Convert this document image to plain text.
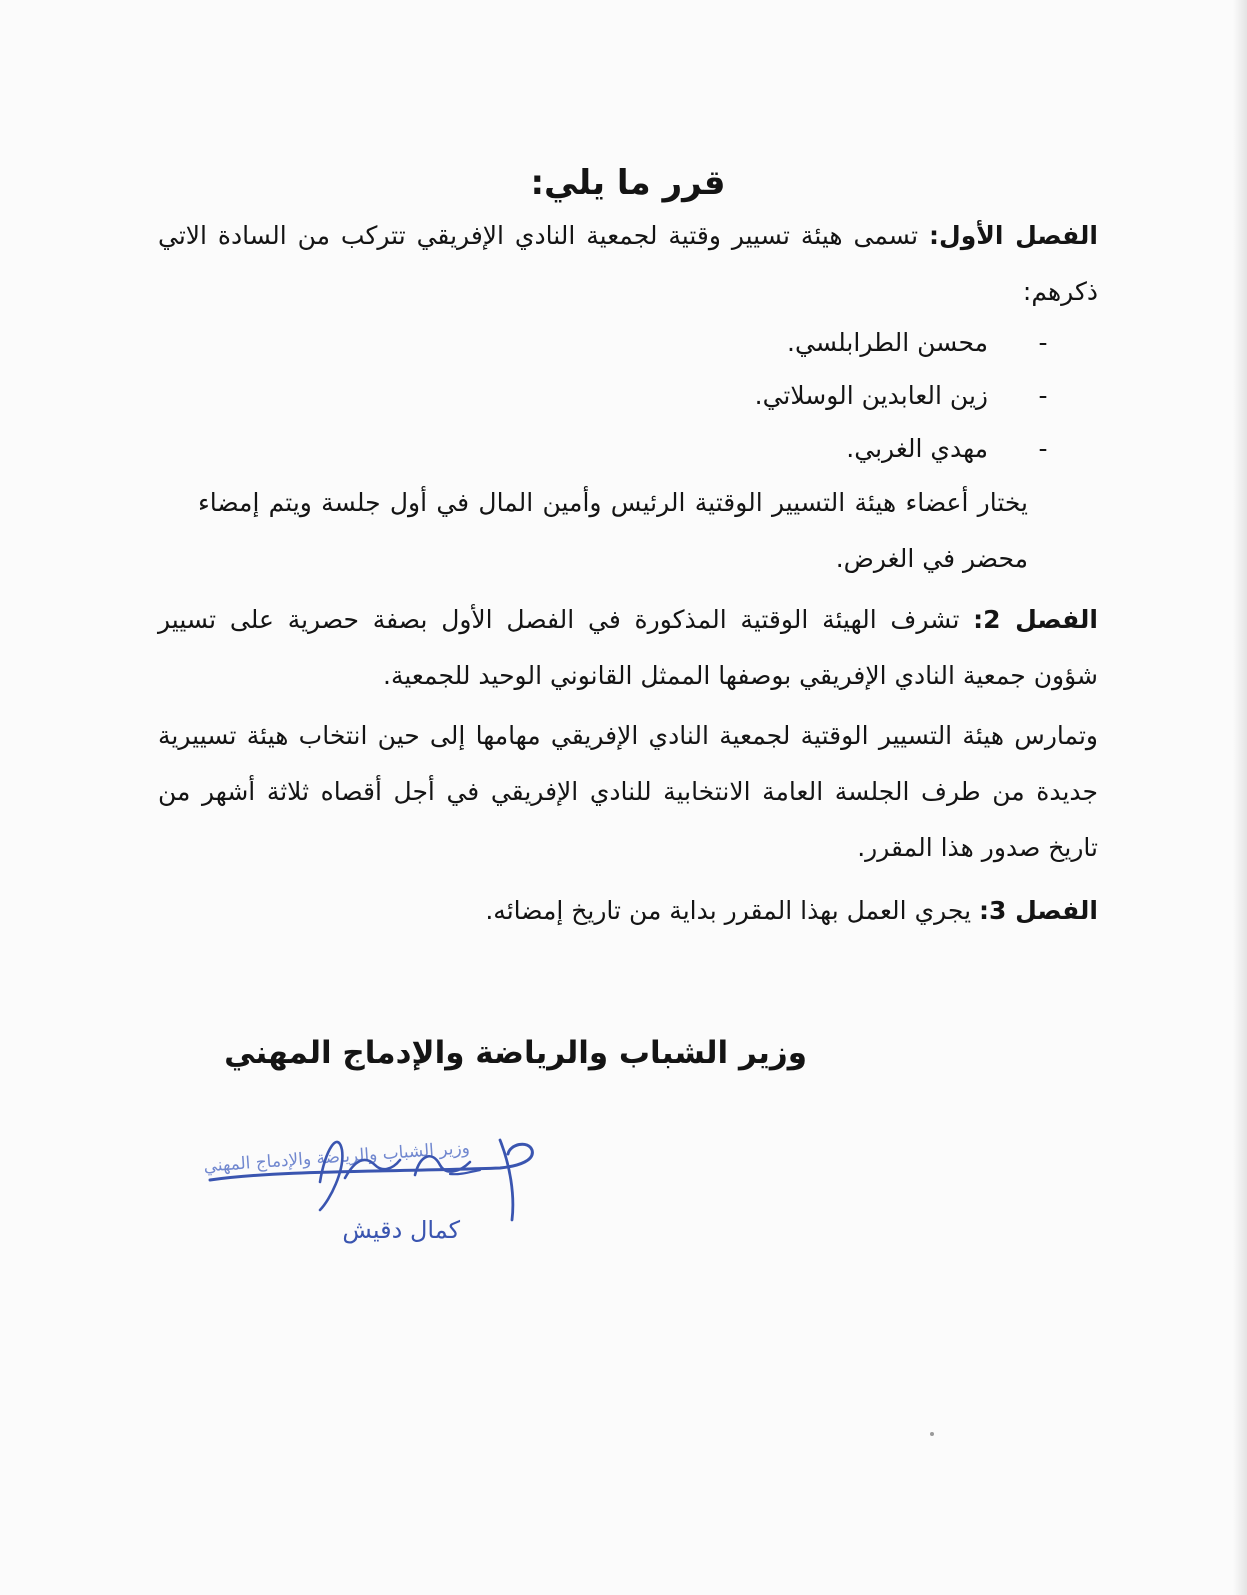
قرر ما يلي:

الفصل الأول: تسمى هيئة تسيير وقتية لجمعية النادي الإفريقي تتركب من السادة الاتي ذكرهم:

-
محسن الطرابلسي.
-
زين العابدين الوسلاتي.
-
مهدي الغربي.

يختار أعضاء هيئة التسيير الوقتية الرئيس وأمين المال في أول جلسة ويتم إمضاء محضر في الغرض.

الفصل 2: تشرف الهيئة الوقتية المذكورة في الفصل الأول بصفة حصرية على تسيير شؤون جمعية النادي الإفريقي بوصفها الممثل القانوني الوحيد للجمعية.

وتمارس هيئة التسيير الوقتية لجمعية النادي الإفريقي مهامها إلى حين انتخاب هيئة تسييرية جديدة من طرف الجلسة العامة الانتخابية للنادي الإفريقي في أجل أقصاه ثلاثة أشهر من تاريخ صدور هذا المقرر.

الفصل 3: يجري العمل بهذا المقرر بداية من تاريخ إمضائه.

وزير الشباب والرياضة والإدماج المهني
وزير الشباب والرياضة والإدماج المهني
كمال دقيش
